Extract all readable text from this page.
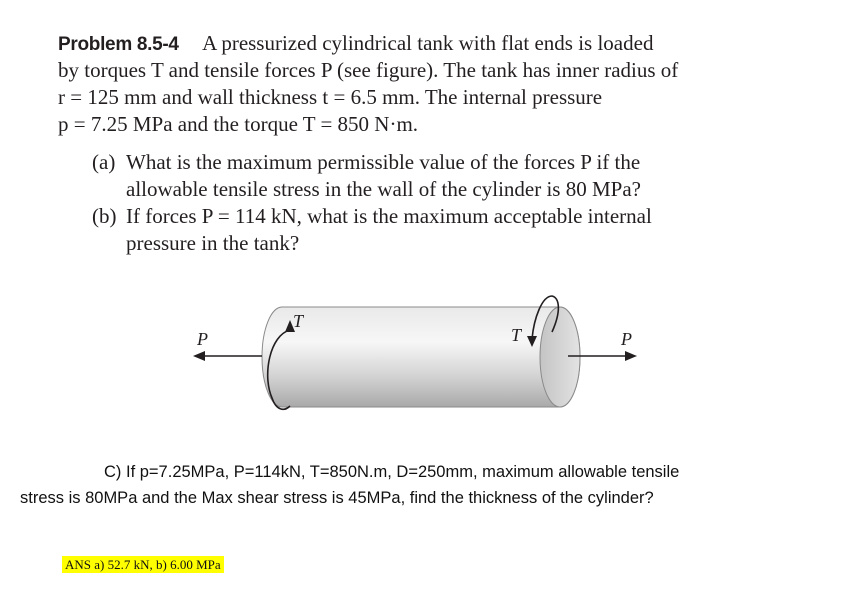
Problem 8.5-4 A pressurized cylindrical tank with flat ends is loaded
by torques T and tensile forces P (see figure). The tank has inner radius of
r = 125 mm and wall thickness t = 6.5 mm. The internal pressure
p = 7.25 MPa and the torque T = 850 N·m.
(a) What is the maximum permissible value of the forces P if the
allowable tensile stress in the wall of the cylinder is 80 MPa?
(b) If forces P = 114 kN, what is the maximum acceptable internal
pressure in the tank?
P
T
T	P
C) If p=7.25MPa, P=114kN, T=850N.m, D=250mm, maximum allowable tensile
stress is 80MPa and the Max shear stress is 45MPa, find the thickness of the cylinder?
ANS a) 52.7 kN, b) 6.00 MPa
